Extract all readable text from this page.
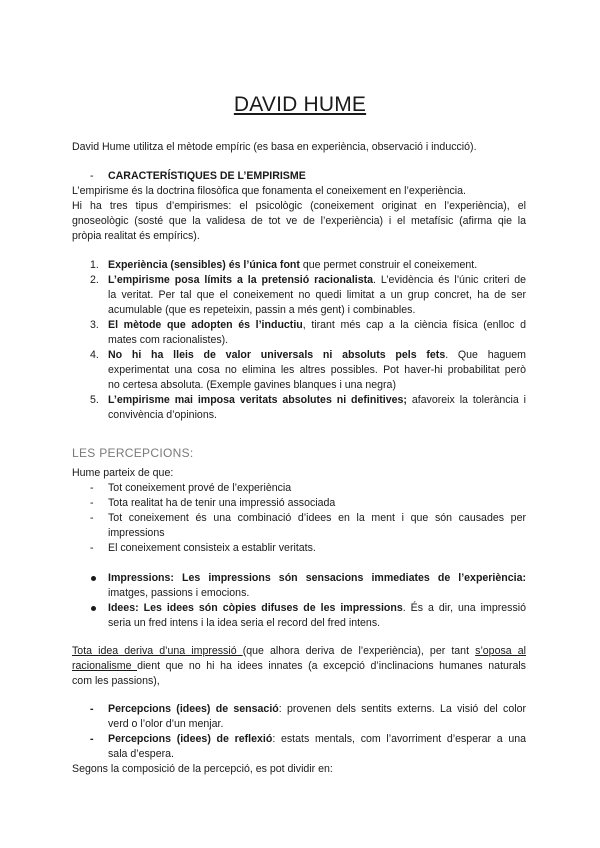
DAVID HUME
David Hume utilitza el mètode empíric (es basa en experiència, observació i inducció).
- CARACTERÍSTIQUES DE L’EMPIRISME
L’empirisme és la doctrina filosòfica que fonamenta el coneixement en l’experiència.
Hi ha tres tipus d’empirismes: el psicològic (coneixement originat en l’experiència), el
gnoseològic (sosté que la validesa de tot ve de l’experiència) i el metafísic (afirma qie la
pròpia realitat és empírics).
1. Experiència (sensibles) és l’única font que permet construir el coneixement.
2. L’empirisme posa límits a la pretensió racionalista. L’evidència és l’únic criteri de
la veritat. Per tal que el coneixement no quedi limitat a un grup concret, ha de ser
acumulable (que es repeteixin, passin a més gent) i combinables.
3. El mètode que adopten és l’inductiu, tirant més cap a la ciència física (enlloc d
mates com racionalistes).
4. No hi ha lleis de valor universals ni absoluts pels fets. Que haguem
experimentat una cosa no elimina les altres possibles. Pot haver-hi probabilitat però
no certesa absoluta. (Exemple gavines blanques i una negra)
5. L’empirisme mai imposa veritats absolutes ni definitives; afavoreix la tolerància i
convivència d’opinions.
LES PERCEPCIONS:
Hume parteix de que:
- Tot coneixement prové de l’experiència
- Tota realitat ha de tenir una impressió associada
- Tot coneixement és una combinació d’idees en la ment i que són causades per
impressions
- El coneixement consisteix a establir veritats.
Impressions: Les impressions són sensacions immediates de l’experiència:
imatges, passions i emocions.
Idees: Les idees són còpies difuses de les impressions. És a dir, una impressió
seria un fred intens i la idea seria el record del fred intens.
Tota idea deriva d’una impressió (que alhora deriva de l’experiència), per tant s’oposa al
racionalisme dient que no hi ha idees innates (a excepció d’inclinacions humanes naturals
com les passions),
- Percepcions (idees) de sensació: provenen dels sentits externs. La visió del color
verd o l’olor d’un menjar.
- Percepcions (idees) de reflexió: estats mentals, com l’avorriment d’esperar a una
sala d’espera.
Segons la composició de la percepció, es pot dividir en:
